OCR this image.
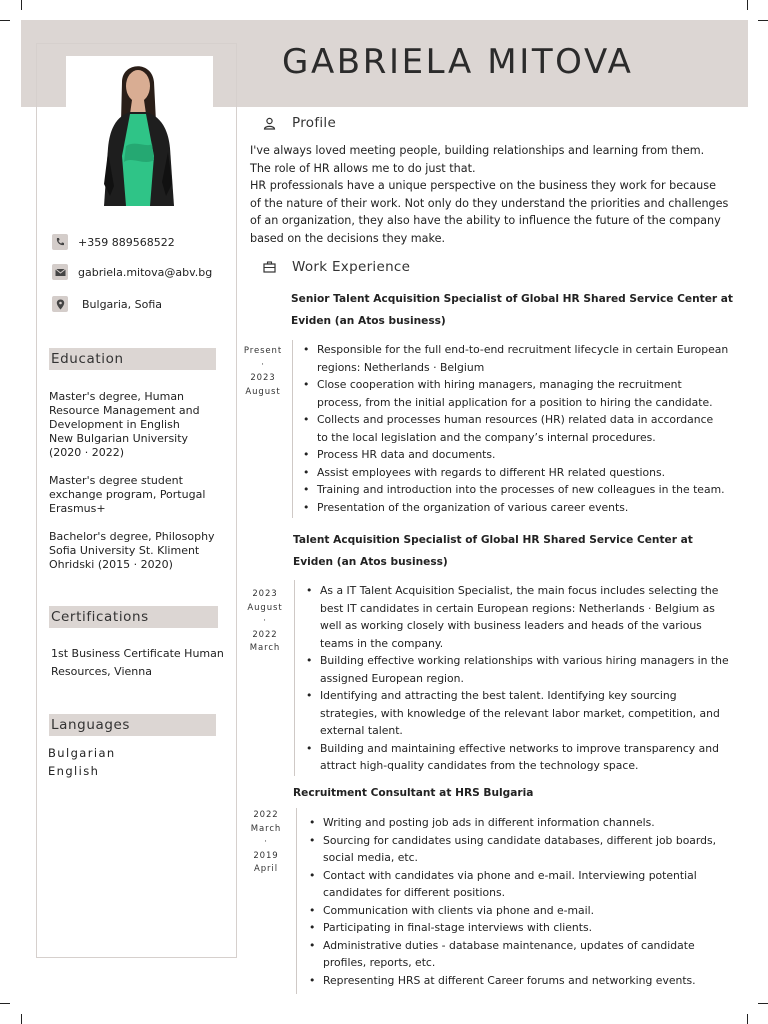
GABRIELA MITOVA
+359 889568522
gabriela.mitova@abv.bg
Bulgaria, Sofia
Education
Master's degree, Human
Resource Management and
Development in English
New Bulgarian University
(2020 · 2022)
Master's degree student
exchange program, Portugal
Erasmus+
Bachelor's degree, Philosophy
Sofia University St. Kliment
Ohridski (2015 · 2020)
Certifications
1st Business Certificate Human
Resources, Vienna
Languages
Bulgarian
English
Profile
I've always loved meeting people, building relationships and learning from them.
The role of HR allows me to do just that.
HR professionals have a unique perspective on the business they work for because
of the nature of their work. Not only do they understand the priorities and challenges
of an organization, they also have the ability to influence the future of the company
based on the decisions they make.
Work Experience
Senior Talent Acquisition Specialist of Global HR Shared Service Center at
Eviden (an Atos business)
Present
·
2023
August
• Responsible for the full end-to-end recruitment lifecycle in certain European
regions: Netherlands · Belgium
• Close cooperation with hiring managers, managing the recruitment
process, from the initial application for a position to hiring the candidate.
• Collects and processes human resources (HR) related data in accordance
to the local legislation and the company’s internal procedures.
• Process HR data and documents.
• Assist employees with regards to different HR related questions.
• Training and introduction into the processes of new colleagues in the team.
• Presentation of the organization of various career events.
Talent Acquisition Specialist of Global HR Shared Service Center at
Eviden (an Atos business)
2023
August
·
2022
March
• As a IT Talent Acquisition Specialist, the main focus includes selecting the
best IT candidates in certain European regions: Netherlands · Belgium as
well as working closely with business leaders and heads of the various
teams in the company.
• Building effective working relationships with various hiring managers in the
assigned European region.
• Identifying and attracting the best talent. Identifying key sourcing
strategies, with knowledge of the relevant labor market, competition, and
external talent.
• Building and maintaining effective networks to improve transparency and
attract high-quality candidates from the technology space.
Recruitment Consultant at HRS Bulgaria
2022
March
·
2019
April
• Writing and posting job ads in different information channels.
• Sourcing for candidates using candidate databases, different job boards,
social media, etc.
• Contact with candidates via phone and e-mail. Interviewing potential
candidates for different positions.
• Communication with clients via phone and e-mail.
• Participating in final-stage interviews with clients.
• Administrative duties - database maintenance, updates of candidate
profiles, reports, etc.
• Representing HRS at different Career forums and networking events.
